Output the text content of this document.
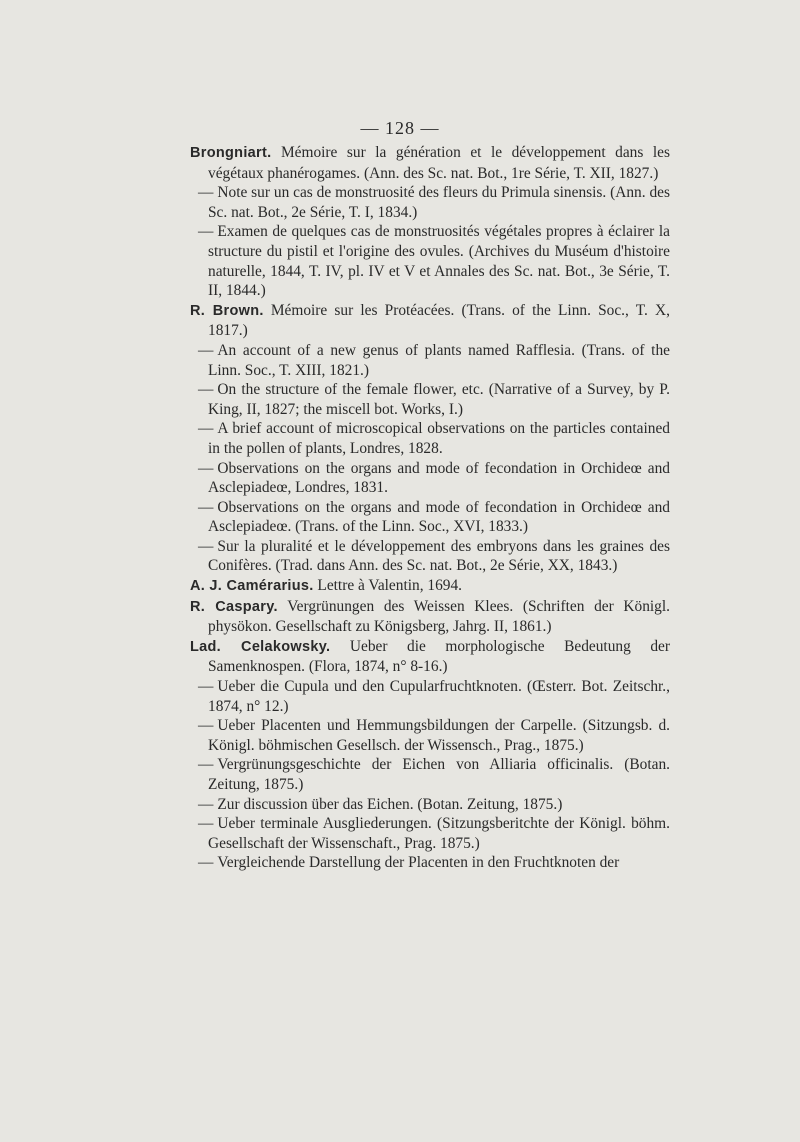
— 128 —
Brongniart. Mémoire sur la génération et le développement dans les végétaux phanérogames. (Ann. des Sc. nat. Bot., 1re Série, T. XII, 1827.)
— Note sur un cas de monstruosité des fleurs du Primula sinensis. (Ann. des Sc. nat. Bot., 2e Série, T. I, 1834.)
— Examen de quelques cas de monstruosités végétales propres à éclairer la structure du pistil et l'origine des ovules. (Archives du Muséum d'histoire naturelle, 1844, T. IV, pl. IV et V et Annales des Sc. nat. Bot., 3e Série, T. II, 1844.)
R. Brown. Mémoire sur les Protéacées. (Trans. of the Linn. Soc., T. X, 1817.)
— An account of a new genus of plants named Rafflesia. (Trans. of the Linn. Soc., T. XIII, 1821.)
— On the structure of the female flower, etc. (Narrative of a Survey, by P. King, II, 1827; the miscell bot. Works, I.)
— A brief account of microscopical observations on the particles contained in the pollen of plants, Londres, 1828.
— Observations on the organs and mode of fecondation in Orchideœ and Asclepiadeœ, Londres, 1831.
— Observations on the organs and mode of fecondation in Orchideœ and Asclepiadeœ. (Trans. of the Linn. Soc., XVI, 1833.)
— Sur la pluralité et le développement des embryons dans les graines des Conifères. (Trad. dans Ann. des Sc. nat. Bot., 2e Série, XX, 1843.)
A. J. Camérarius. Lettre à Valentin, 1694.
R. Caspary. Vergrünungen des Weissen Klees. (Schriften der Königl. physökon. Gesellschaft zu Königsberg, Jahrg. II, 1861.)
Lad. Celakowsky. Ueber die morphologische Bedeutung der Samenknospen. (Flora, 1874, n° 8-16.)
— Ueber die Cupula und den Cupularfruchtknoten. (Œsterr. Bot. Zeitschr., 1874, n° 12.)
— Ueber Placenten und Hemmungsbildungen der Carpelle. (Sitzungsb. d. Königl. böhmischen Gesellsch. der Wissensch., Prag., 1875.)
— Vergrünungsgeschichte der Eichen von Alliaria officinalis. (Botan. Zeitung, 1875.)
— Zur discussion über das Eichen. (Botan. Zeitung, 1875.)
— Ueber terminale Ausgliederungen. (Sitzungsberitchte der Königl. böhm. Gesellschaft der Wissenschaft., Prag. 1875.)
— Vergleichende Darstellung der Placenten in den Fruchtknoten der
